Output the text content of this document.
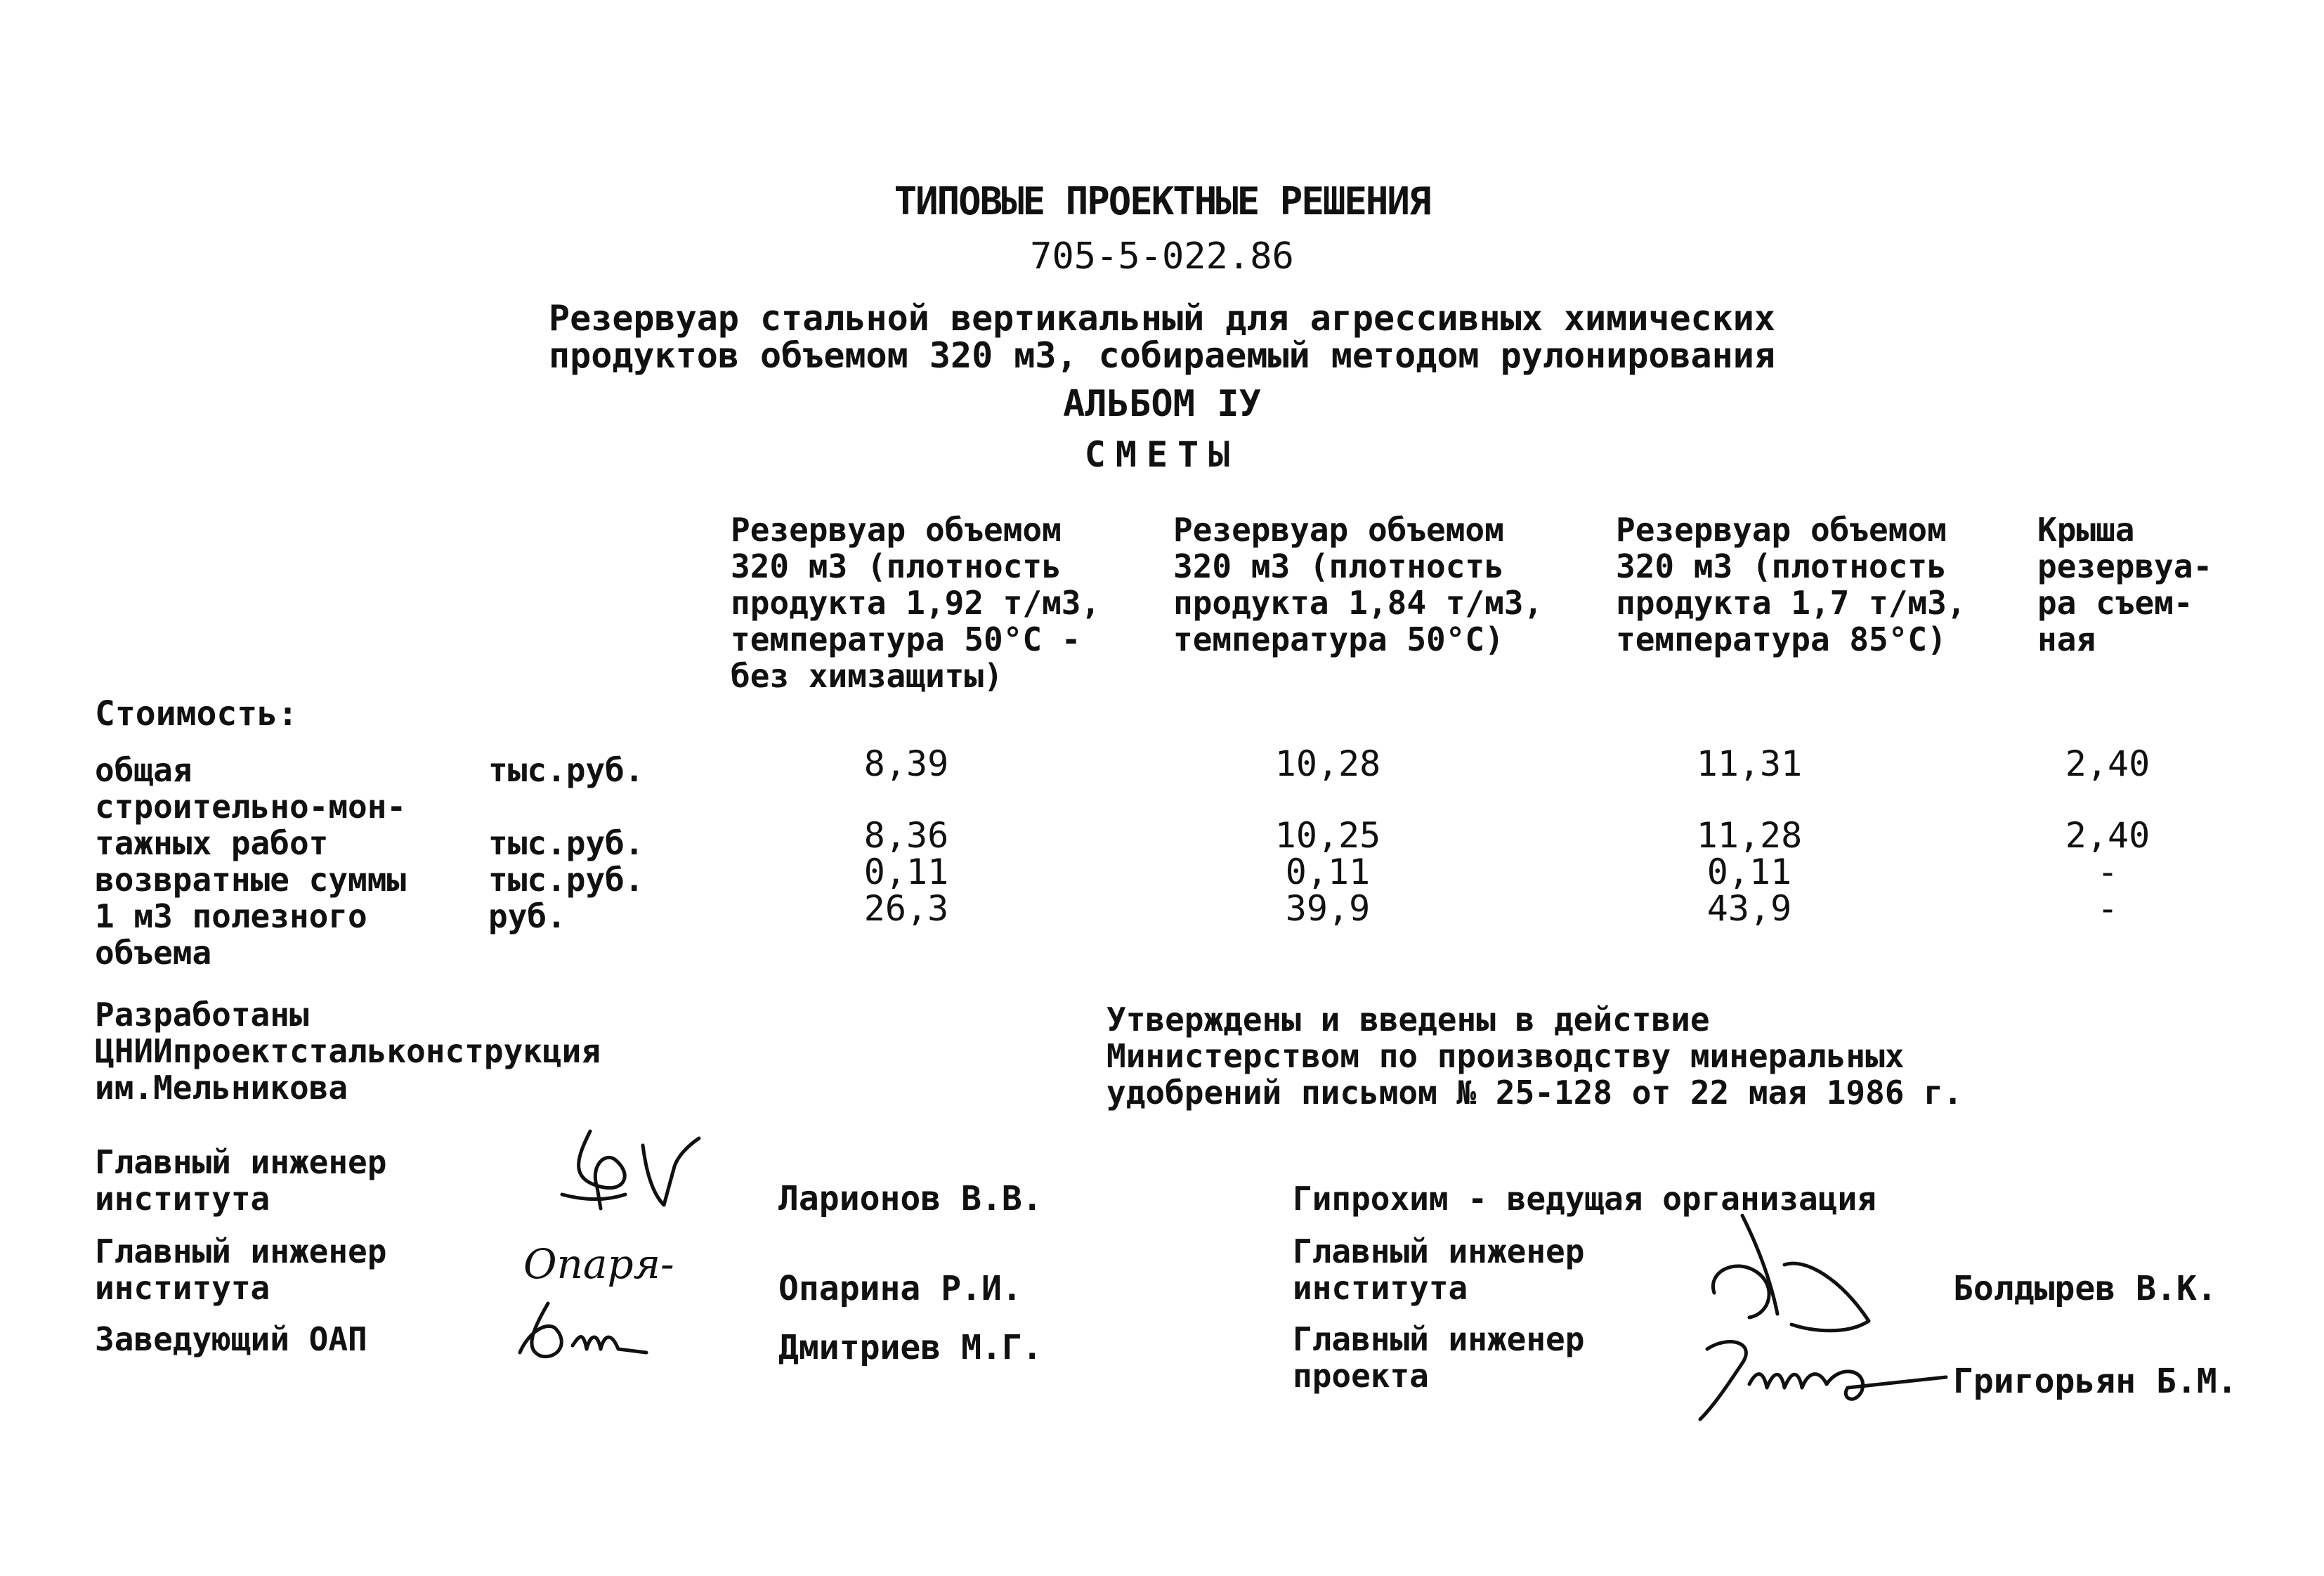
ТИПОВЫЕ ПРОЕКТНЫЕ РЕШЕНИЯ
705-5-022.86
Резервуар стальной вертикальный для агрессивных химических
продуктов объемом 320 м3, собираемый методом рулонирования
АЛЬБОМ IУ
СМЕТЫ
Резервуар объемом
320 м3 (плотность
продукта 1,92 т/м3,
температура 50°С -
без химзащиты)
Резервуар объемом
320 м3 (плотность
продукта 1,84 т/м3,
температура 50°С)
Резервуар объемом
320 м3 (плотность
продукта 1,7 т/м3,
температура 85°С)
Крыша
резервуа-
ра съем-
ная
Стоимость:
общая	тыс.руб.	8,39	10,28	11,31	2,40
строительно-мон-
тажных работ	тыс.руб.	8,36	10,25	11,28	2,40
возвратные суммы	тыс.руб.	0,11	0,11	0,11	-
1 м3 полезного
объема
руб.	26,3	39,9	43,9	-
Разработаны
ЦНИИпроектстальконструкция
им.Мельникова
Утверждены и введены в действие
Министерством по производству минеральных
удобрений письмом № 25-128 от 22 мая 1986 г.
Главный инженер
института	Ларионов В.В.
Главный инженер
института	Опаря-
Опарина Р.И.
Заведующий ОАП	Дмитриев М.Г.
Гипрохим - ведущая организация
Главный инженер
института	Болдырев В.К.
Главный инженер
проекта	Григорьян Б.М.
